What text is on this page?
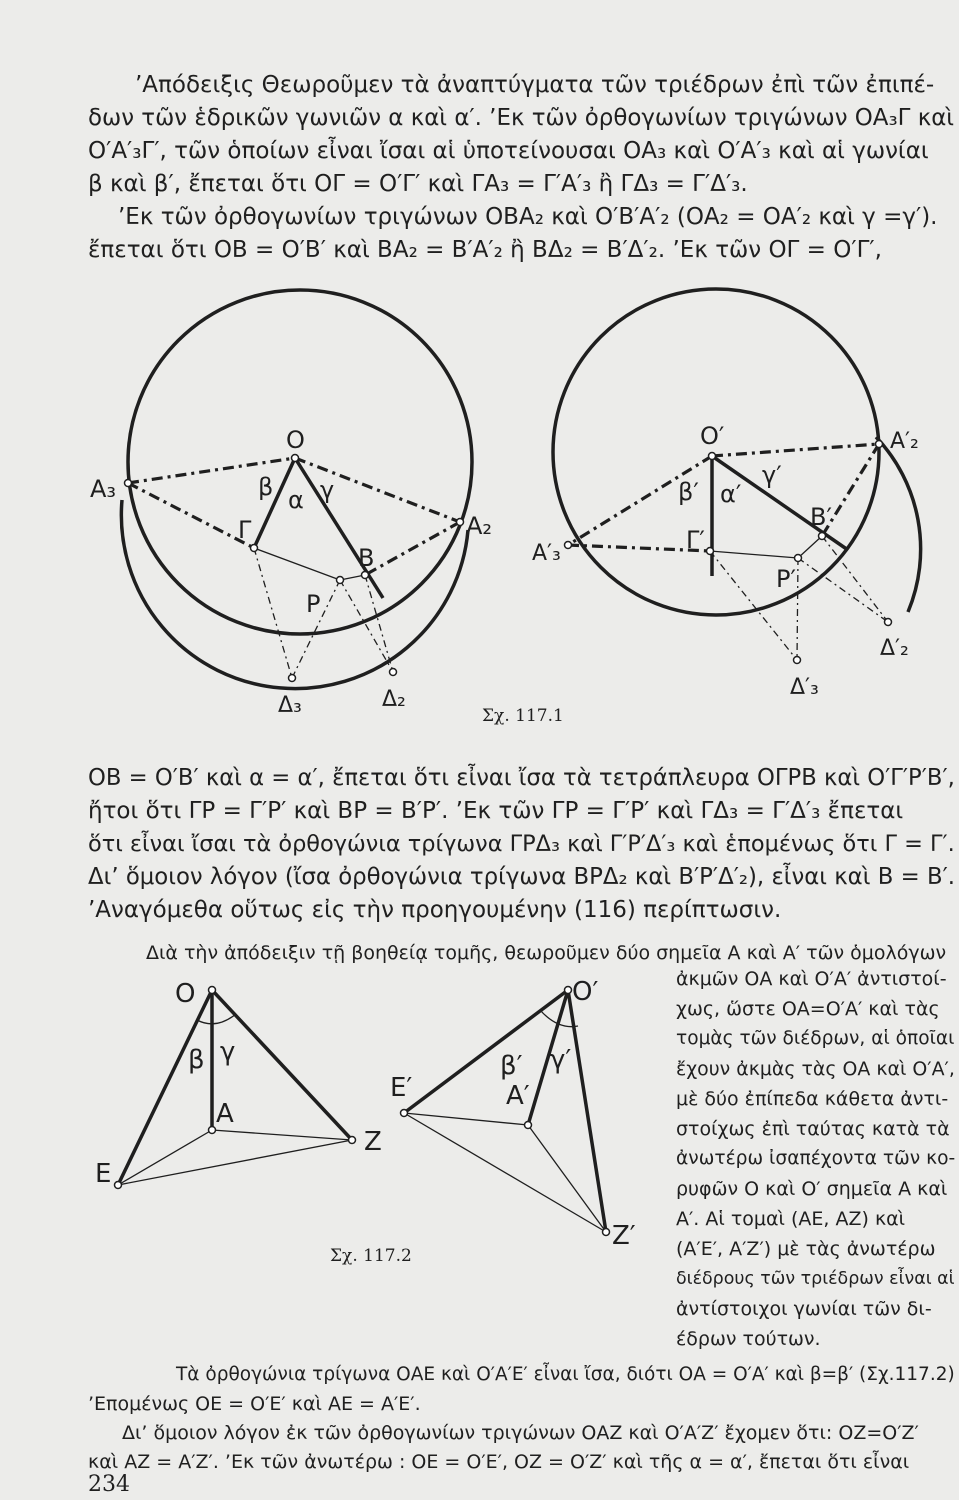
’Απόδειξις Θεωροῦμεν τὰ ἀναπτύγματα τῶν τριέδρων ἐπὶ τῶν ἐπιπέ-
δων τῶν ἑδρικῶν γωνιῶν α καὶ α′. ’Εκ τῶν ὀρθογωνίων τριγώνων ΟΑ₃Γ καὶ
Ο′Α′₃Γ′, τῶν ὁποίων εἶναι ἴσαι αἱ ὑποτείνουσαι ΟΑ₃ καὶ Ο′Α′₃ καὶ αἱ γωνίαι
β καὶ β′, ἔπεται ὅτι ΟΓ = Ο′Γ′ καὶ ΓΑ₃ = Γ′Α′₃ ἢ ΓΔ₃ = Γ′Δ′₃.
’Εκ τῶν ὀρθογωνίων τριγώνων ΟΒΑ₂ καὶ Ο′Β′Α′₂ (ΟΑ₂ = ΟΑ′₂ καὶ γ =γ′).
ἔπεται ὅτι ΟΒ = Ο′Β′ καὶ ΒΑ₂ = Β′Α′₂ ἢ ΒΔ₂ = Β′Δ′₂. ’Εκ τῶν ΟΓ = Ο′Γ′,
O
A₃
A₂
β α γ
Γ
B
P
Δ₃	Δ₂
O′	A′₂
A′₃
β′ α′
γ′
Γ′
B′
P′
Δ′₃
Δ′₂
Σχ. 117.1
ΟΒ = Ο′Β′ καὶ α = α′, ἔπεται ὅτι εἶναι ἴσα τὰ τετράπλευρα ΟΓΡΒ καὶ Ο′Γ′Ρ′Β′,
ἤτοι ὅτι ΓΡ = Γ′Ρ′ καὶ ΒΡ = Β′Ρ′. ’Εκ τῶν ΓΡ = Γ′Ρ′ καὶ ΓΔ₃ = Γ′Δ′₃ ἔπεται
ὅτι εἶναι ἴσαι τὰ ὀρθογώνια τρίγωνα ΓΡΔ₃ καὶ Γ′Ρ′Δ′₃ καὶ ἑπομένως ὅτι Γ = Γ′.
Δι’ ὅμοιον λόγον (ἴσα ὀρθογώνια τρίγωνα ΒΡΔ₂ καὶ Β′Ρ′Δ′₂), εἶναι καὶ Β = Β′.
’Αναγόμεθα οὕτως εἰς τὴν προηγουμένην (116) περίπτωσιν.
Διὰ τὴν ἀπόδειξιν τῇ βοηθείᾳ τομῆς, θεωροῦμεν δύο σημεῖα Α καὶ Α′ τῶν ὁμολόγων
ἀκμῶν ΟΑ καὶ Ο′Α′ ἀντιστοί-
χως, ὥστε ΟΑ=Ο′Α′ καὶ τὰς
τομὰς τῶν διέδρων, αἱ ὁποῖαι
ἔχουν ἀκμὰς τὰς ΟΑ καὶ Ο′Α′,
μὲ δύο ἐπίπεδα κάθετα ἀντι-
στοίχως ἐπὶ ταύτας κατὰ τὰ
ἀνωτέρω ἰσαπέχοντα τῶν κο-
ρυφῶν Ο καὶ Ο′ σημεῖα Α καὶ
Α′. Αἱ τομαὶ (ΑΕ, ΑΖ) καὶ
(Α′Ε′, Α′Ζ′) μὲ τὰς ἀνωτέρω
διέδρους τῶν τριέδρων εἶναι αἱ
ἀντίστοιχοι γωνίαι τῶν δι-
έδρων τούτων.
O
β γ
A
E
Z
O′
β′ γ′
A′
E′
Z′
Σχ. 117.2
Τὰ ὀρθογώνια τρίγωνα ΟΑΕ καὶ Ο′Α′Ε′ εἶναι ἴσα, διότι ΟΑ = Ο′Α′ καὶ β=β′ (Σχ.117.2)
’Επομένως ΟΕ = Ο′Ε′ καὶ ΑΕ = Α′Ε′.
Δι’ ὅμοιον λόγον ἐκ τῶν ὀρθογωνίων τριγώνων ΟΑΖ καὶ Ο′Α′Ζ′ ἔχομεν ὅτι: ΟΖ=Ο′Ζ′
καὶ ΑΖ = Α′Ζ′. ’Εκ τῶν ἀνωτέρω : ΟΕ = Ο′Ε′, ΟΖ = Ο′Ζ′ καὶ τῆς α = α′, ἔπεται ὅτι εἶναι
234
